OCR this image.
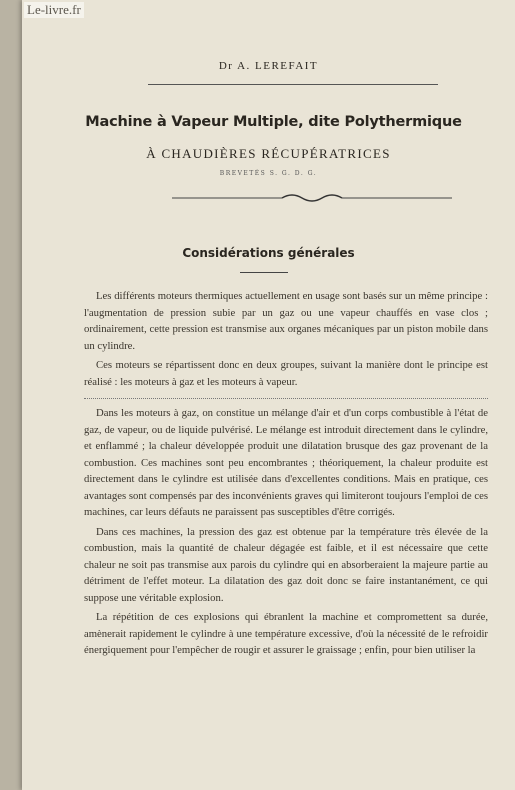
Le-livre.fr
Dr A. LEREFAIT
Machine à Vapeur Multiple, dite Polythermique
À CHAUDIÈRES RÉCUPÉRATRICES
BREVETÉS S. G. D. G.
Considérations générales

Les différents moteurs thermiques actuellement en usage sont basés sur un même principe : l'augmentation de pression subie par un gaz ou une vapeur chauffés en vase clos ; ordinairement, cette pression est transmise aux organes mécaniques par un piston mobile dans un cylindre.

Ces moteurs se répartissent donc en deux groupes, suivant la manière dont le principe est réalisé : les moteurs à gaz et les moteurs à vapeur.

Dans les moteurs à gaz, on constitue un mélange d'air et d'un corps combustible à l'état de gaz, de vapeur, ou de liquide pulvérisé. Le mélange est introduit directement dans le cylindre, et enflammé ; la chaleur développée produit une dilatation brusque des gaz provenant de la combustion. Ces machines sont peu encombrantes ; théoriquement, la chaleur produite est directement dans le cylindre est utilisée dans d'excellentes conditions. Mais en pratique, ces avantages sont compensés par des inconvénients graves qui limiteront toujours l'emploi de ces machines, car leurs défauts ne paraissent pas susceptibles d'être corrigés.

Dans ces machines, la pression des gaz est obtenue par la température très élevée de la combustion, mais la quantité de chaleur dégagée est faible, et il est nécessaire que cette chaleur ne soit pas transmise aux parois du cylindre qui en absorberaient la majeure partie au détriment de l'effet moteur. La dilatation des gaz doit donc se faire instantanément, ce qui suppose une véritable explosion.

La répétition de ces explosions qui ébranlent la machine et compromettent sa durée, amènerait rapidement le cylindre à une température excessive, d'où la nécessité de le refroidir énergiquement pour l'empêcher de rougir et assurer le graissage ; enfin, pour bien utiliser la
